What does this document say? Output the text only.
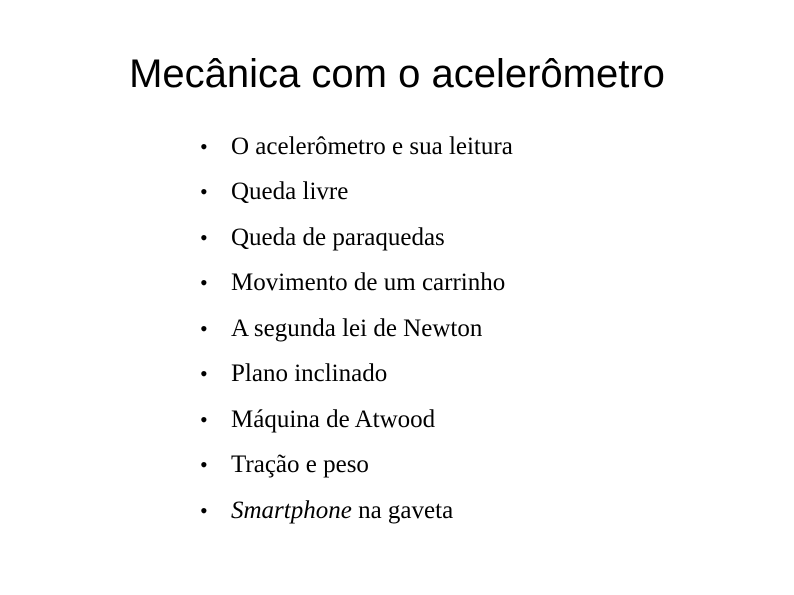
Mecânica com o acelerômetro
• O acelerômetro e sua leitura
• Queda livre
• Queda de paraquedas
• Movimento de um carrinho
• A segunda lei de Newton
• Plano inclinado
• Máquina de Atwood
• Tração e peso
• Smartphone na gaveta
